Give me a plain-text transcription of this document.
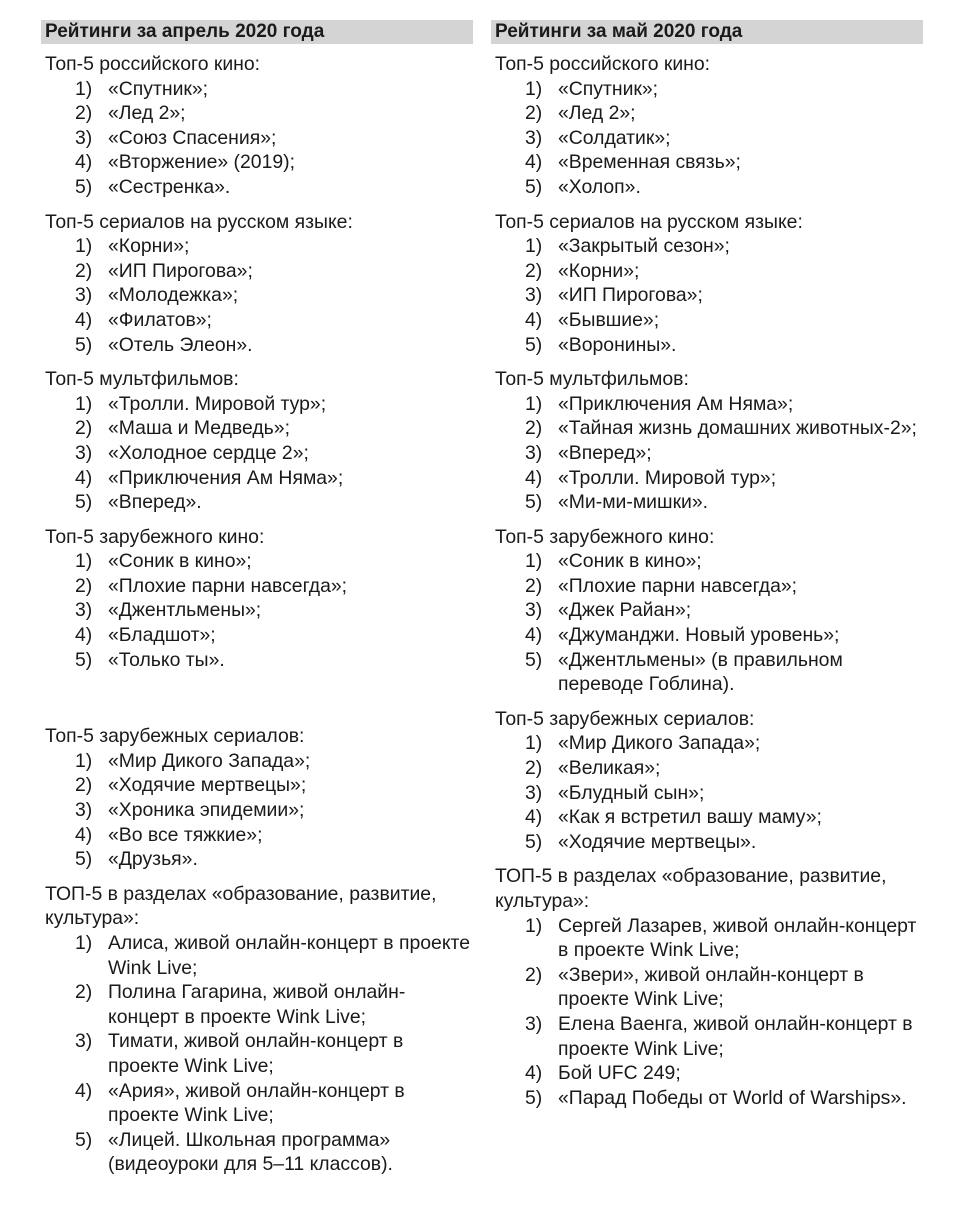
Рейтинги за апрель 2020 года
Топ-5 российского кино:
1) «Спутник»;
2) «Лед 2»;
3) «Союз Спасения»;
4) «Вторжение» (2019);
5) «Сестренка».
Топ-5 сериалов на русском языке:
1) «Корни»;
2) «ИП Пирогова»;
3) «Молодежка»;
4) «Филатов»;
5) «Отель Элеон».
Топ-5 мультфильмов:
1) «Тролли. Мировой тур»;
2) «Маша и Медведь»;
3) «Холодное сердце 2»;
4) «Приключения Ам Няма»;
5) «Вперед».
Топ-5 зарубежного кино:
1) «Соник в кино»;
2) «Плохие парни навсегда»;
3) «Джентльмены»;
4) «Бладшот»;
5) «Только ты».
Топ-5 зарубежных сериалов:
1) «Мир Дикого Запада»;
2) «Ходячие мертвецы»;
3) «Хроника эпидемии»;
4) «Во все тяжкие»;
5) «Друзья».
ТОП-5 в разделах «образование, развитие, культура»:
1) Алиса, живой онлайн-концерт в проекте Wink Live;
2) Полина Гагарина, живой онлайн-концерт в проекте Wink Live;
3) Тимати, живой онлайн-концерт в проекте Wink Live;
4) «Ария», живой онлайн-концерт в проекте Wink Live;
5) «Лицей. Школьная программа» (видеоуроки для 5–11 классов).
Рейтинги за май 2020 года
Топ-5 российского кино:
1) «Спутник»;
2) «Лед 2»;
3) «Солдатик»;
4) «Временная связь»;
5) «Холоп».
Топ-5 сериалов на русском языке:
1) «Закрытый сезон»;
2) «Корни»;
3) «ИП Пирогова»;
4) «Бывшие»;
5) «Воронины».
Топ-5 мультфильмов:
1) «Приключения Ам Няма»;
2) «Тайная жизнь домашних животных-2»;
3) «Вперед»;
4) «Тролли. Мировой тур»;
5) «Ми-ми-мишки».
Топ-5 зарубежного кино:
1) «Соник в кино»;
2) «Плохие парни навсегда»;
3) «Джек Райан»;
4) «Джуманджи. Новый уровень»;
5) «Джентльмены» (в правильном переводе Гоблина).
Топ-5 зарубежных сериалов:
1) «Мир Дикого Запада»;
2) «Великая»;
3) «Блудный сын»;
4) «Как я встретил вашу маму»;
5) «Ходячие мертвецы».
ТОП-5 в разделах «образование, развитие, культура»:
1) Сергей Лазарев, живой онлайн-концерт в проекте Wink Live;
2) «Звери», живой онлайн-концерт в проекте Wink Live;
3) Елена Ваенга, живой онлайн-концерт в проекте Wink Live;
4) Бой UFC 249;
5) «Парад Победы от World of Warships».
